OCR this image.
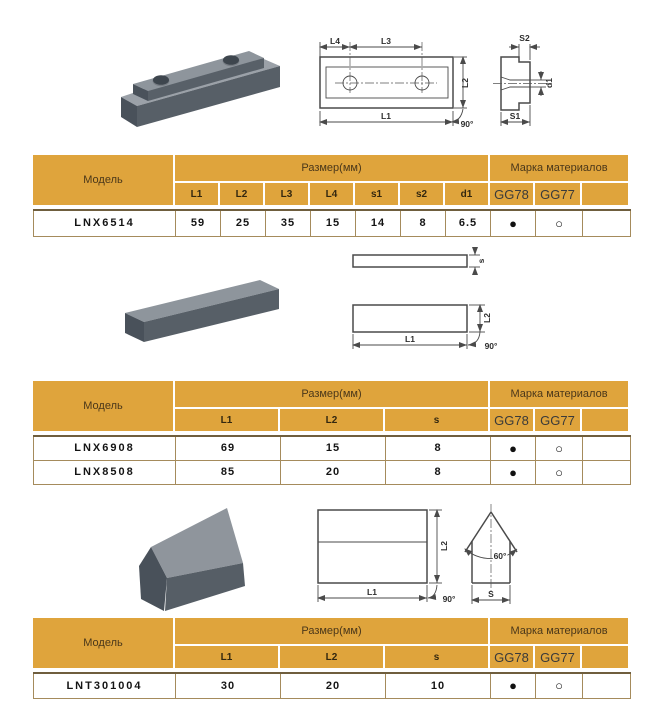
L4	L3
L2
L1
90°
S2
d1
S1
Модель
Размер(мм)	Марка материалов
L1	L2	L3	L4	s1	s2	d1	GG78 GG77
LNX6514	59	25	35	15	14	8	6.5	●	○	
s
L2
L1
90°
Модель
Размер(мм)	Марка материалов
L1	L2	s	GG78 GG77
LNX6908	69	15	8	●	○	
LNX8508	85	20	8	●	○	
L2
L1
90°
60°
S
Модель
Размер(мм)	Марка материалов
L1	L2	s	GG78 GG77
LNT301004	30	20	10	●	○	
